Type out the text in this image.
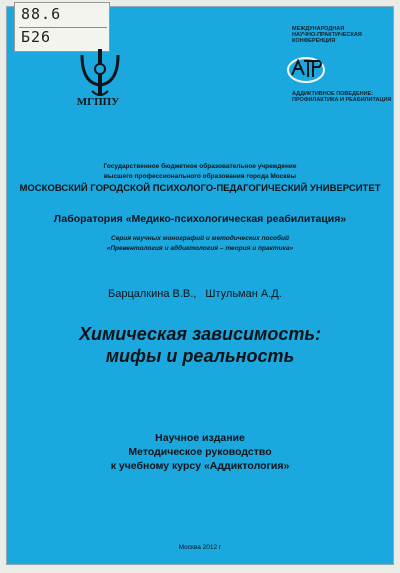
88.6
Б26
МГППУ
МЕЖДУНАРОДНАЯ
НАУЧНО-ПРАКТИЧЕСКАЯ
КОНФЕРЕНЦИЯ
АДДИКТИВНОЕ ПОВЕДЕНИЕ:
ПРОФИЛАКТИКА И РЕАБИЛИТАЦИЯ
Государственное бюджетное образовательное учреждение
высшего профессионального образования города Москвы
МОСКОВСКИЙ ГОРОДСКОЙ ПСИХОЛОГО-ПЕДАГОГИЧЕСКИЙ УНИВЕРСИТЕТ
Лаборатория «Медико-психологическая реабилитация»
Серия научных монографий и методических пособий
«Превентология и аддиктология – теория и практика»
Барцалкина В.В., Штульман А.Д.
Химическая зависимость:
мифы и реальность
Научное издание
Методическое руководство
к учебному курсу «Аддиктология»
Москва 2012 г
